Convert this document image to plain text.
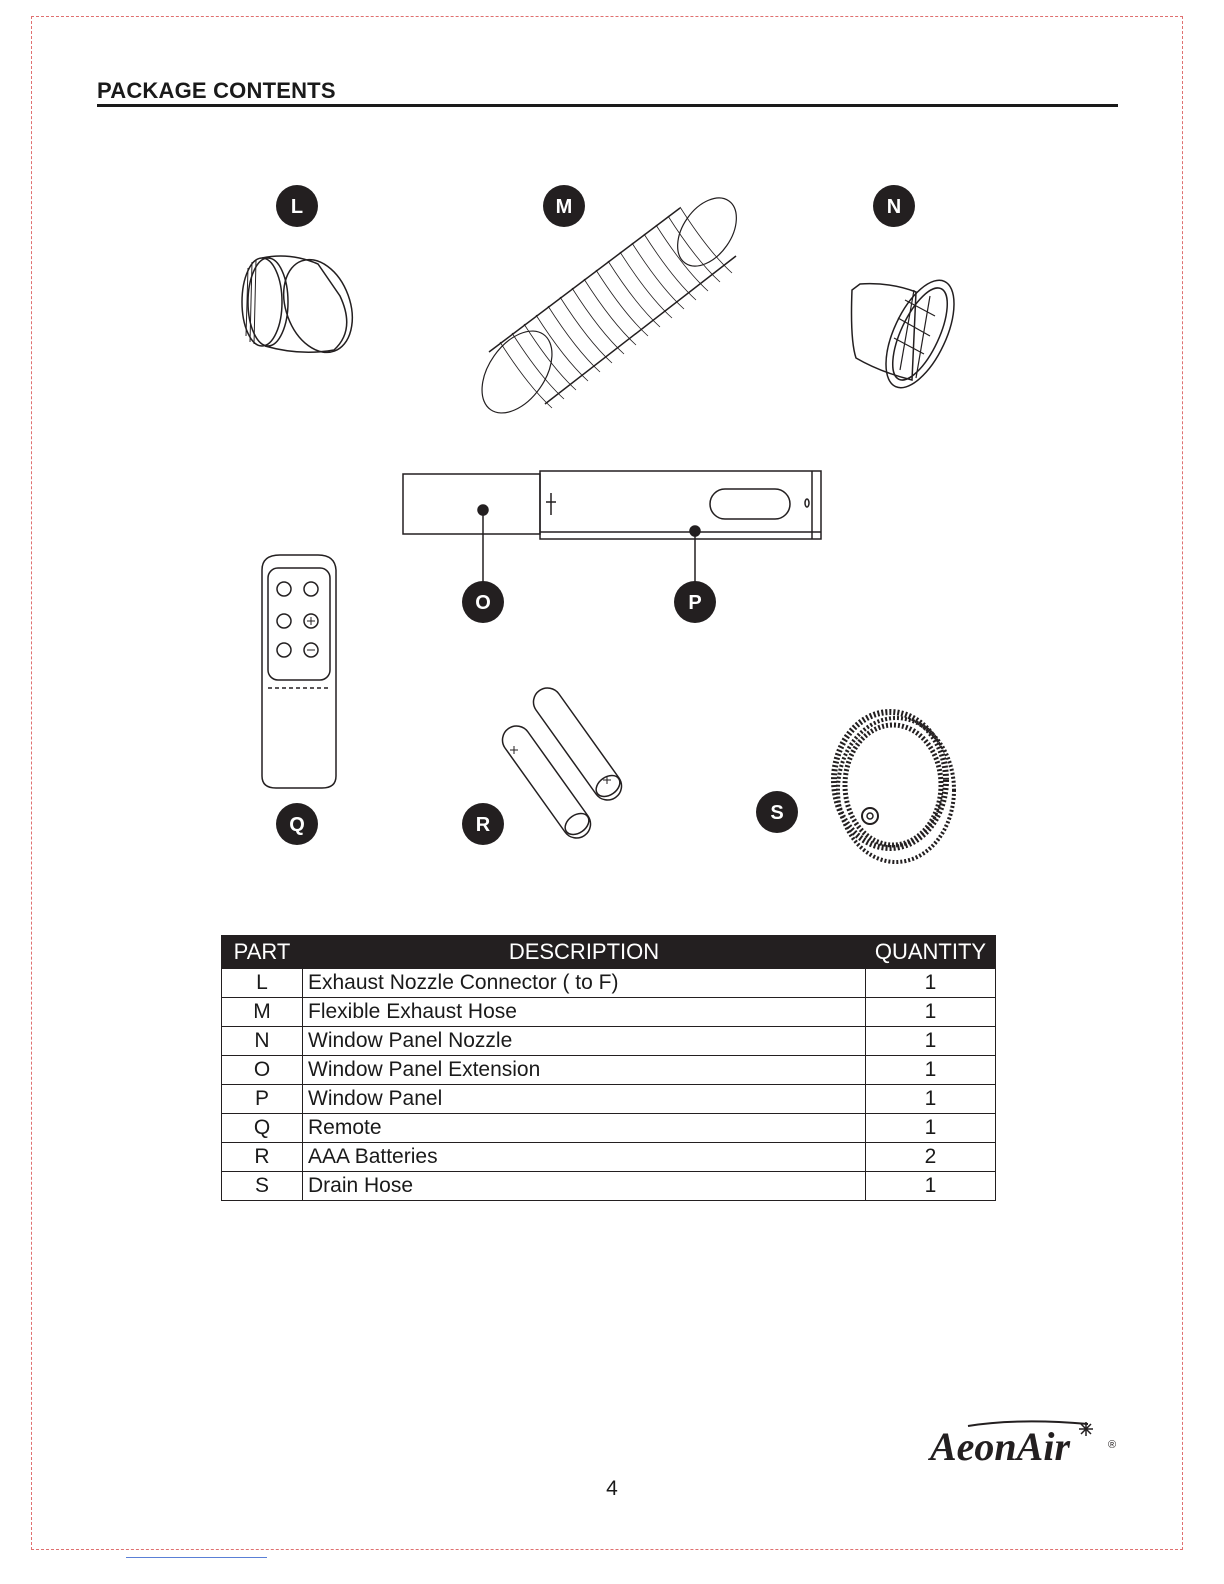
PACKAGE CONTENTS
L	M	N
O	P
Q	R
S
PART	DESCRIPTION	QUANTITY
L	Exhaust Nozzle Connector ( to F)	1
M	Flexible Exhaust Hose	1
N	Window Panel Nozzle	1
O	Window Panel Extension	1
P	Window Panel	1
Q	Remote	1
R	AAA Batteries	2
S	Drain Hose	1
AeonAir	®
4
